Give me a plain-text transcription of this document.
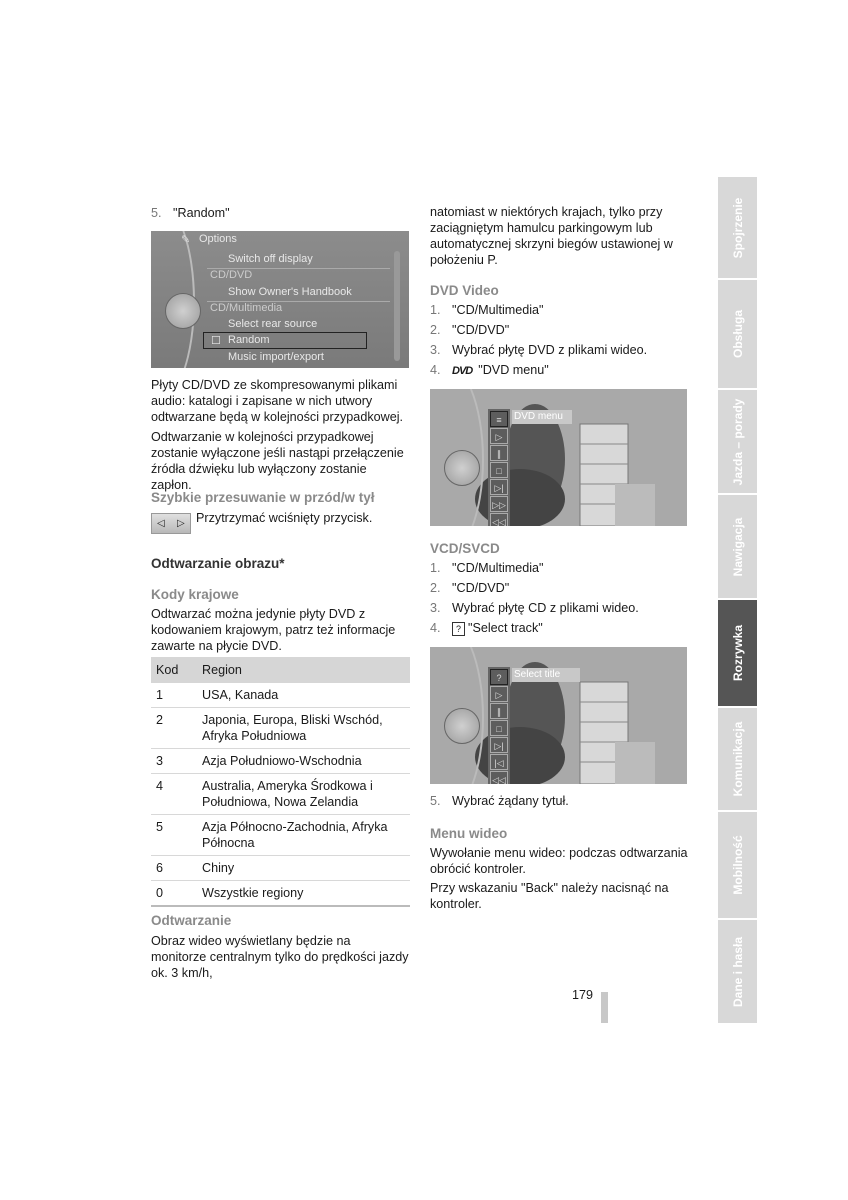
5. "Random"
✎ Options
Switch off display
CD/DVD
Show Owner's Handbook
CD/Multimedia
Select rear source
☐ Random
Music import/export

Płyty CD/DVD ze skompresowanymi plikami audio: katalogi i zapisane w nich utwory odtwarzane będą w kolejności przypadkowej.

Odtwarzanie w kolejności przypadkowej zostanie wyłączone jeśli nastąpi przełączenie źródła dźwięku lub wyłączony zostanie zapłon.

Szybkie przesuwanie w przód/w tył
◁ ▷ Przytrzymać wciśnięty przycisk.

Odtwarzanie obrazu*
Kody krajowe

Odtwarzać można jedynie płyty DVD z kodowaniem krajowym, patrz też informacje zawarte na płycie DVD.

Kod	Region
1	USA, Kanada
2	Japonia, Europa, Bliski Wschód, Afryka Południowa
3	Azja Południowo-Wschodnia
4	Australia, Ameryka Środkowa i Południowa, Nowa Zelandia
5	Azja Północno-Zachodnia, Afryka Północna
6	Chiny
0	Wszystkie regiony
Odtwarzanie

Obraz wideo wyświetlany będzie na monitorze centralnym tylko do prędkości jazdy ok. 3 km/h,

natomiast w niektórych krajach, tylko przy zaciągniętym hamulcu parkingowym lub automatycznej skrzyni biegów ustawionej w położeniu P.

DVD Video
1. "CD/Multimedia"
2. "CD/DVD"
3. Wybrać płytę DVD z plikami wideo.
4. DVD "DVD menu"
≡
▷
∥
□
▷|
▷▷
◁◁
DVD menu
VCD/SVCD
1. "CD/Multimedia"
2. "CD/DVD"
3. Wybrać płytę CD z plikami wideo.
4. ? "Select track"
?
▷
∥
□
▷|
|◁
◁◁
Select title
5. Wybrać żądany tytuł.
Menu wideo

Wywołanie menu wideo: podczas odtwarzania obrócić kontroler.

Przy wskazaniu "Back" należy nacisnąć na kontroler.

179
Spojrzenie
Obsługa
Jazda – porady
Nawigacja
Rozrywka
Komunikacja
Mobilność
Dane i hasła
